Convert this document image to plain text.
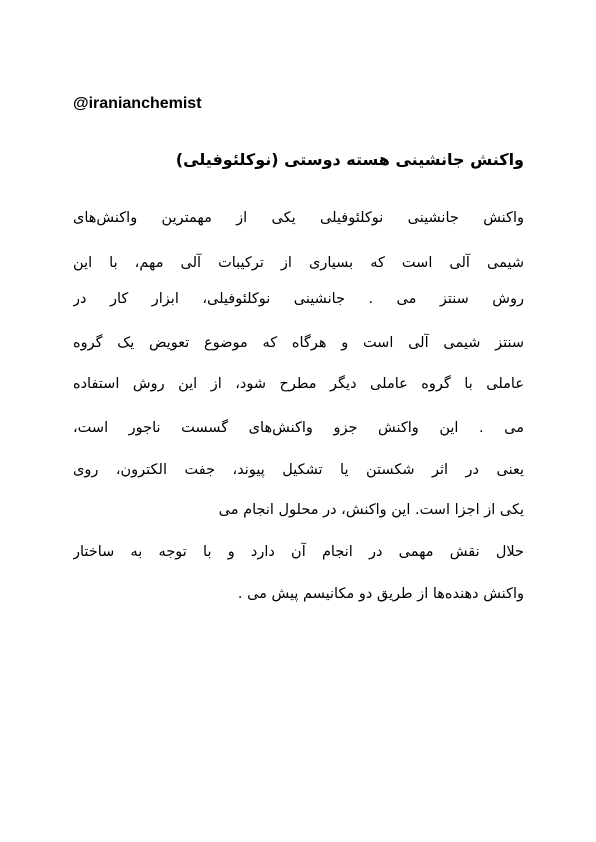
@iranianchemist
واکنش جانشینی هسته دوستی (نوکلئوفیلی)
واکنش جانشینی نوکلئوفیلی یکی از مهمترین واکنش‌های
شیمی آلی است که بسیاری از ترکیبات آلی مهم، با این
روش سنتز می . جانشینی نوکلئوفیلی، ابزار کار در
سنتز شیمی آلی است و هرگاه که موضوع تعویض یک گروه
عاملی با گروه عاملی دیگر مطرح شود، از این روش استفاده
می . این واکنش جزو واکنش‌های گسست ناجور است،
یعنی در اثر شکستن یا تشکیل پیوند، جفت الکترون، روی
یکی از اجزا است. این واکنش، در محلول انجام می
حلال نقش مهمی در انجام آن دارد و با توجه به ساختار
واکنش دهنده‌ها از طریق دو مکانیسم پیش می .
